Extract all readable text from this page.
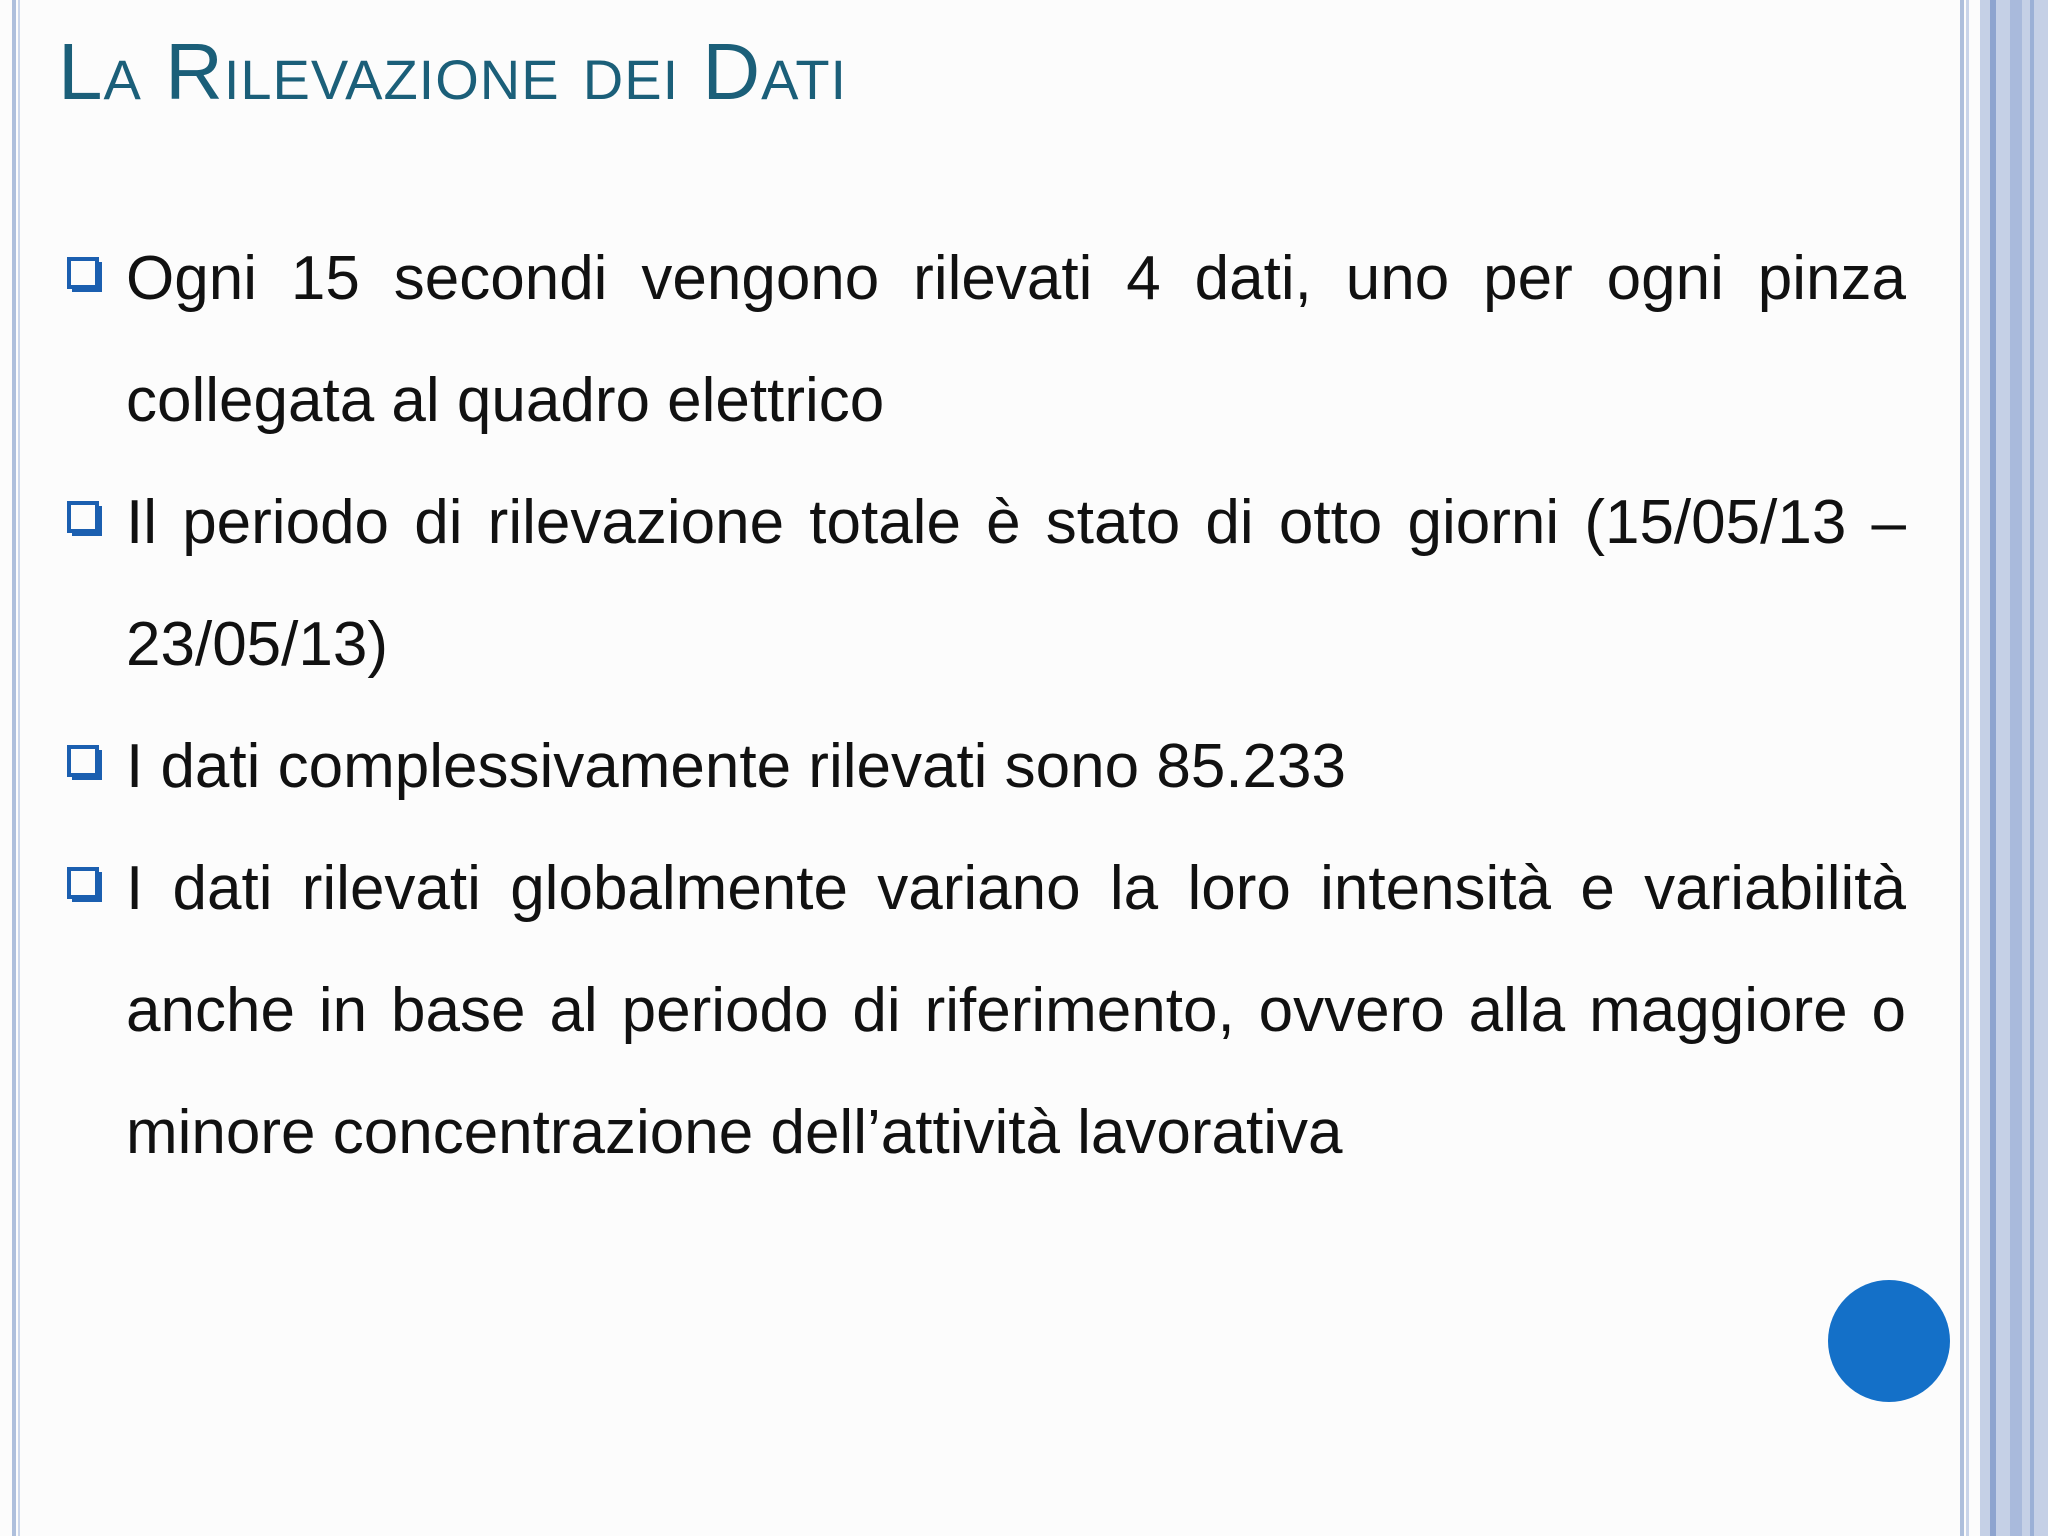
La Rilevazione dei Dati
Ogni 15 secondi vengono rilevati 4 dati, uno per ogni pinza collegata al quadro elettrico
Il periodo di rilevazione totale è stato di otto giorni (15/05/13 – 23/05/13)
I dati complessivamente rilevati sono 85.233
I dati rilevati globalmente variano la loro intensità e variabilità anche in base al periodo di riferimento, ovvero alla maggiore o minore concentrazione dell’attività lavorativa
